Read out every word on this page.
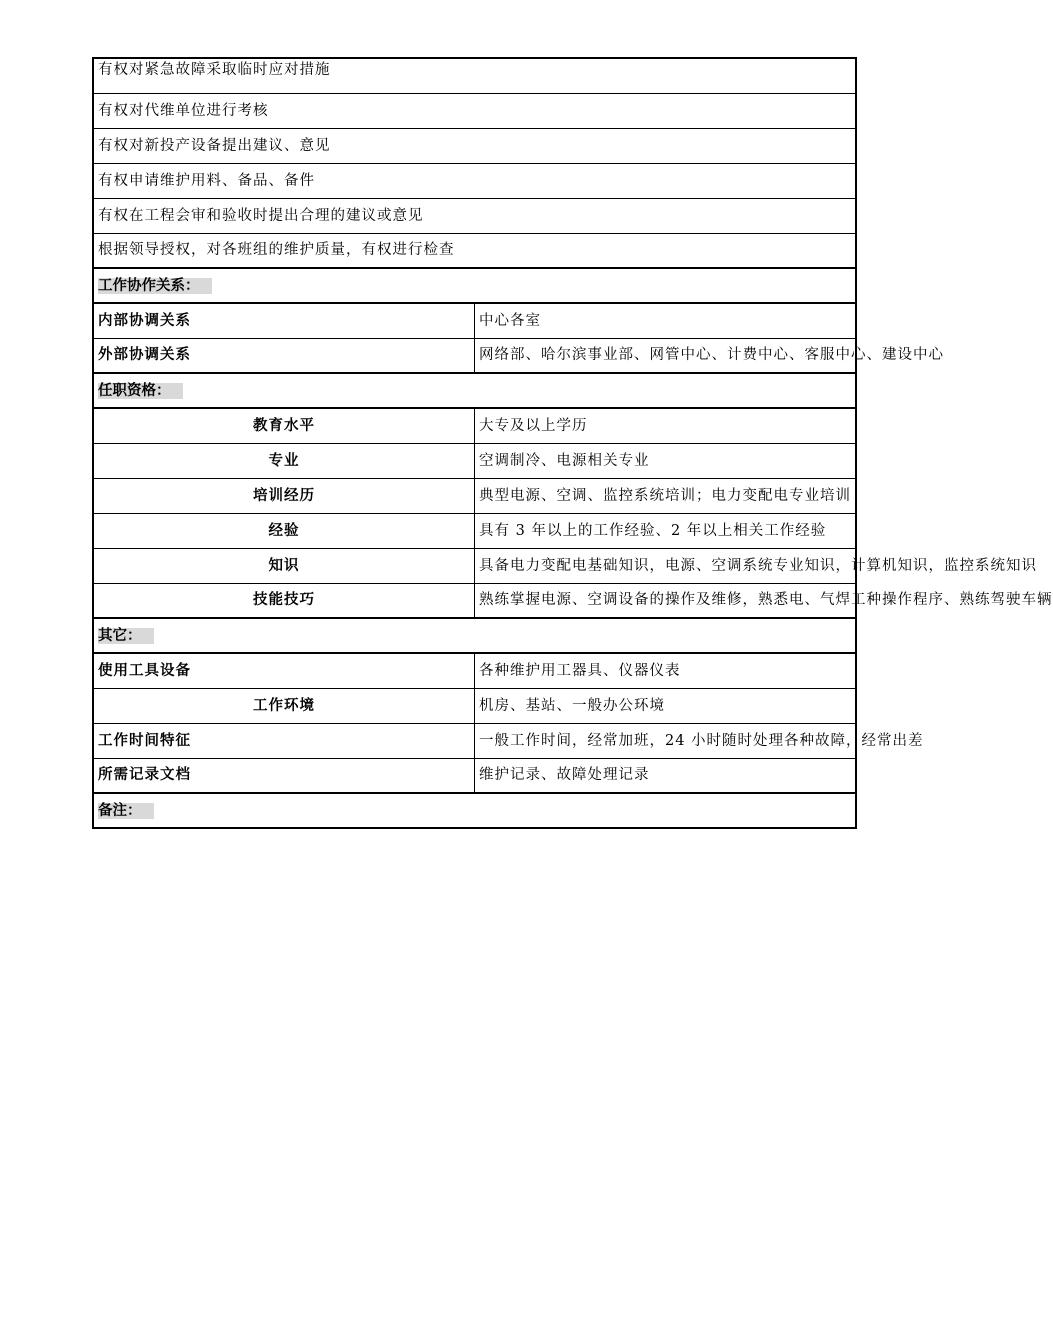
有权对紧急故障采取临时应对措施	
有权对代维单位进行考核	
有权对新投产设备提出建议、意见	
有权申请维护用料、备品、备件	
有权在工程会审和验收时提出合理的建议或意见	
根据领导授权，对各班组的维护质量，有权进行检查	
工作协作关系：	
内部协调关系	中心各室
外部协调关系	网络部、哈尔滨事业部、网管中心、计费中心、客服中心、建设中心
任职资格：	
教育水平	大专及以上学历
专业	空调制冷、电源相关专业
培训经历	典型电源、空调、监控系统培训；电力变配电专业培训
经验	具有 3 年以上的工作经验、2 年以上相关工作经验
知识	具备电力变配电基础知识，电源、空调系统专业知识，计算机知识，监控系统知识
技能技巧	熟练掌握电源、空调设备的操作及维修，熟悉电、气焊工种操作程序、熟练驾驶车辆
其它：	
使用工具设备	各种维护用工器具、仪器仪表
工作环境	机房、基站、一般办公环境
工作时间特征	一般工作时间，经常加班，24 小时随时处理各种故障，经常出差
所需记录文档	维护记录、故障处理记录
备注：	
